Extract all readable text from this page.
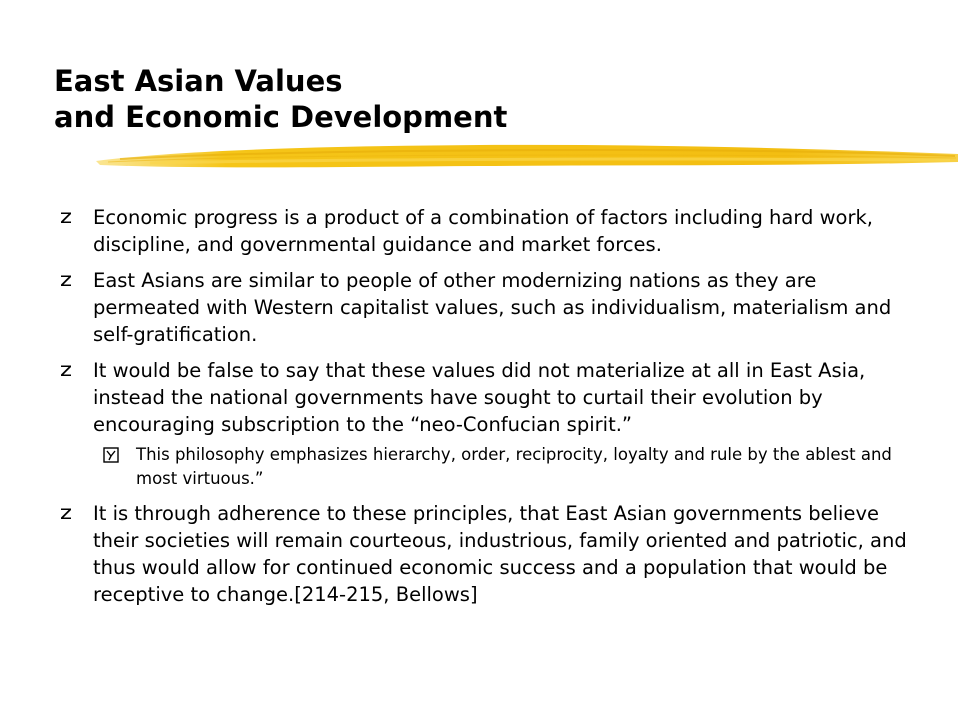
East Asian Values
and Economic Development
Economic progress is a product of a combination of factors including hard work, discipline, and governmental guidance and market forces.
East Asians are similar to people of other modernizing nations as they are permeated with Western capitalist values, such as individualism, materialism and self-gratification.
It would be false to say that these values did not materialize at all in East Asia, instead the national governments have sought to curtail their evolution by encouraging subscription to the “neo-Confucian spirit.”
This philosophy emphasizes hierarchy, order, reciprocity, loyalty and rule by the ablest and most virtuous.”
It is through adherence to these principles, that East Asian governments believe their societies will remain courteous, industrious, family oriented and patriotic, and thus would allow for continued economic success and a population that would be receptive to change.[214-215, Bellows]
